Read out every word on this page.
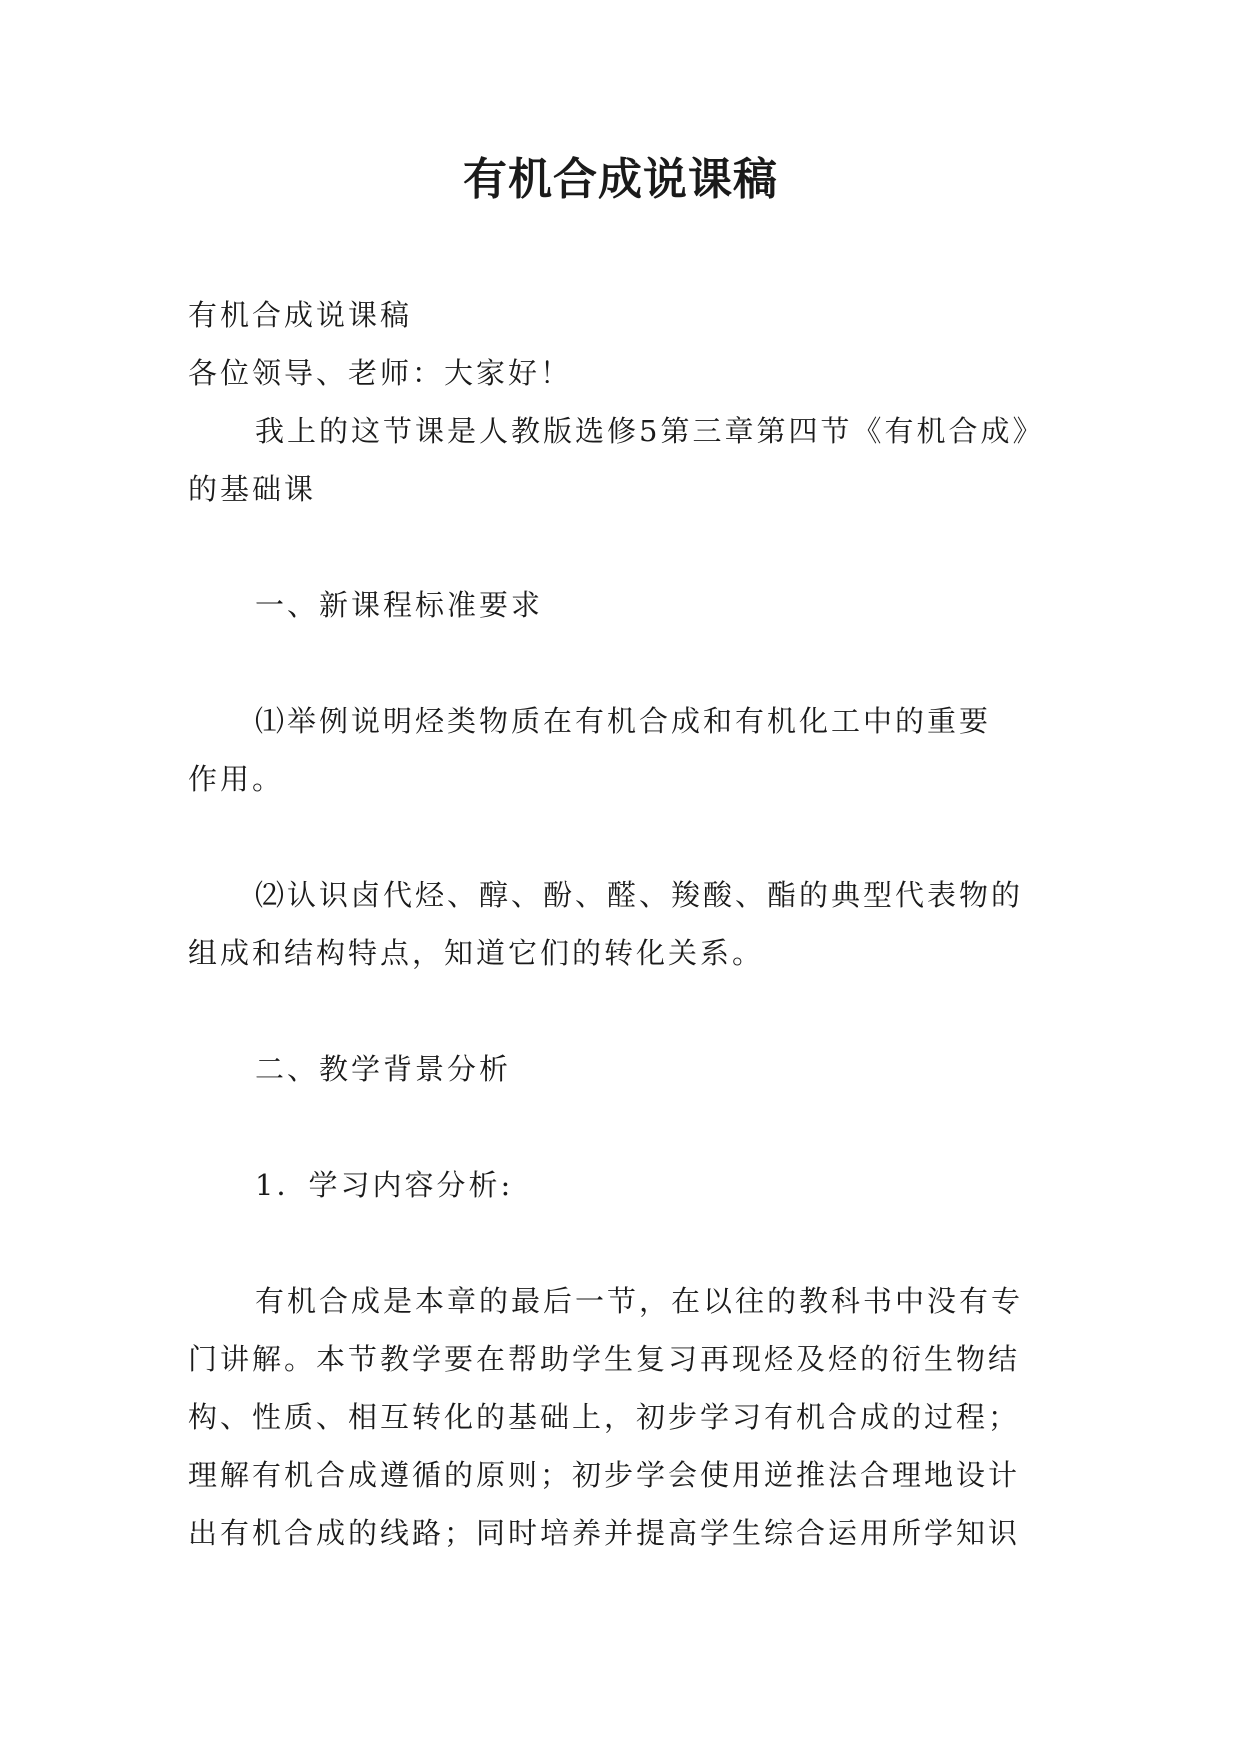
有机合成说课稿
有机合成说课稿
各位领导、老师：大家好！
我上的这节课是人教版选修5第三章第四节《有机合成》
的基础课
一、新课程标准要求
⑴举例说明烃类物质在有机合成和有机化工中的重要
作用。
⑵认识卤代烃、醇、酚、醛、羧酸、酯的典型代表物的
组成和结构特点，知道它们的转化关系。
二、教学背景分析
1．学习内容分析:
有机合成是本章的最后一节，在以往的教科书中没有专
门讲解。本节教学要在帮助学生复习再现烃及烃的衍生物结
构、性质、相互转化的基础上，初步学习有机合成的过程；
理解有机合成遵循的原则；初步学会使用逆推法合理地设计
出有机合成的线路；同时培养并提高学生综合运用所学知识
